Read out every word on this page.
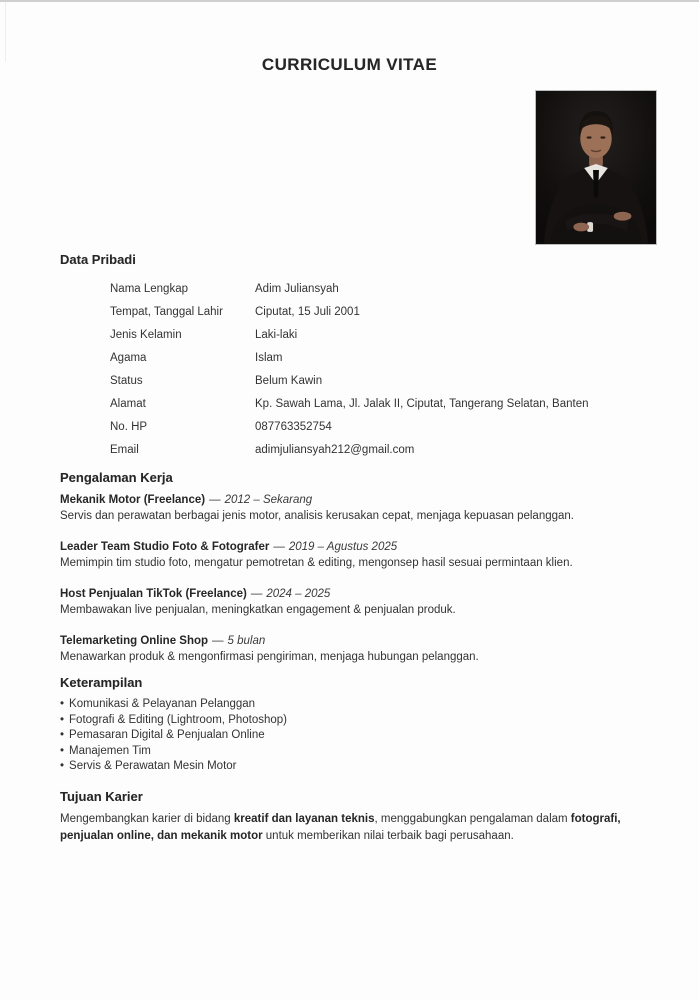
CURRICULUM VITAE
Data Pribadi
Nama Lengkap	Adim Juliansyah
Tempat, Tanggal Lahir	Ciputat, 15 Juli 2001
Jenis Kelamin	Laki-laki
Agama	Islam
Status	Belum Kawin
Alamat	Kp. Sawah Lama, Jl. Jalak II, Ciputat, Tangerang Selatan, Banten
No. HP	087763352754
Email	adimjuliansyah212@gmail.com
Pengalaman Kerja
Mekanik Motor (Freelance) — 2012 – Sekarang
Servis dan perawatan berbagai jenis motor, analisis kerusakan cepat, menjaga kepuasan pelanggan.
Leader Team Studio Foto & Fotografer — 2019 – Agustus 2025
Memimpin tim studio foto, mengatur pemotretan & editing, mengonsep hasil sesuai permintaan klien.
Host Penjualan TikTok (Freelance) — 2024 – 2025
Membawakan live penjualan, meningkatkan engagement & penjualan produk.
Telemarketing Online Shop — 5 bulan
Menawarkan produk & mengonfirmasi pengiriman, menjaga hubungan pelanggan.
Keterampilan
• Komunikasi & Pelayanan Pelanggan
• Fotografi & Editing (Lightroom, Photoshop)
• Pemasaran Digital & Penjualan Online
• Manajemen Tim
• Servis & Perawatan Mesin Motor
Tujuan Karier

Mengembangkan karier di bidang kreatif dan layanan teknis, menggabungkan pengalaman dalam fotografi, penjualan online, dan mekanik motor untuk memberikan nilai terbaik bagi perusahaan.
